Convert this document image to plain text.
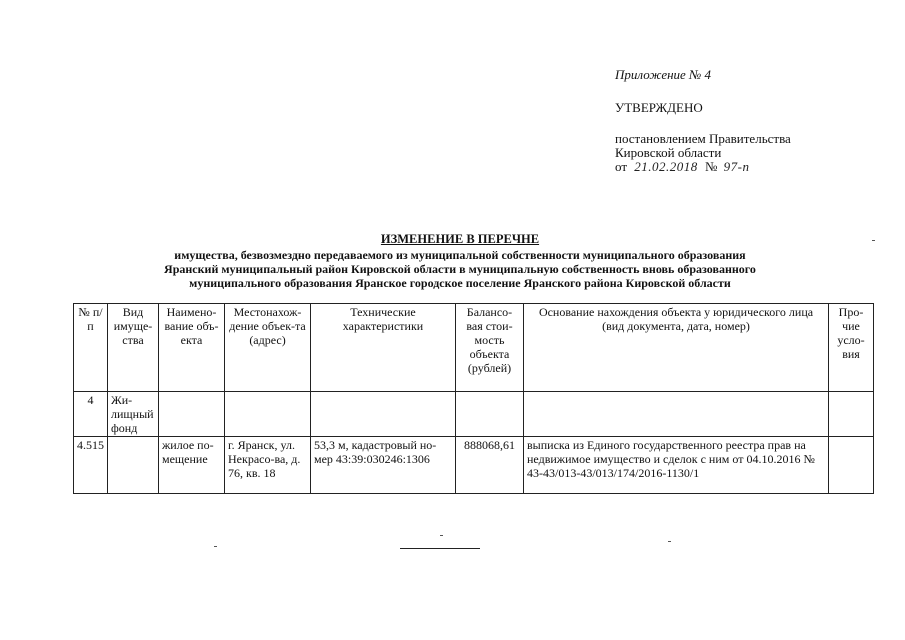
Приложение № 4
УТВЕРЖДЕНО
постановлением Правительства
Кировской области
от 21.02.2018 № 97-п
ИЗМЕНЕНИЕ В ПЕРЕЧНЕ
имущества, безвозмездно передаваемого из муниципальной собственности муниципального образования
Яранский муниципальный район Кировской области в муниципальную собственность вновь образованного
муниципального образования Яранское городское поселение Яранского района Кировской области
№ п/п	Вид имущества	Наимено-вание объ-екта	Местонахож-дение объек-та (адрес)	Технические характеристики	Балансо-вая стои-мость объекта (рублей)	Основание нахождения объекта у юридического лица (вид документа, дата, номер)	Про-чие усло-вия
4	Жи-лищный фонд						
4.515		жилое по-мещение	г. Яранск, ул. Некрасо-ва, д. 76, кв. 18	53,3 м, кадастровый но-мер 43:39:030246:1306	888068,61	выписка из Единого государственного реестра прав на недвижимое имущество и сделок с ним от 04.10.2016 № 43-43/013-43/013/174/2016-1130/1	
